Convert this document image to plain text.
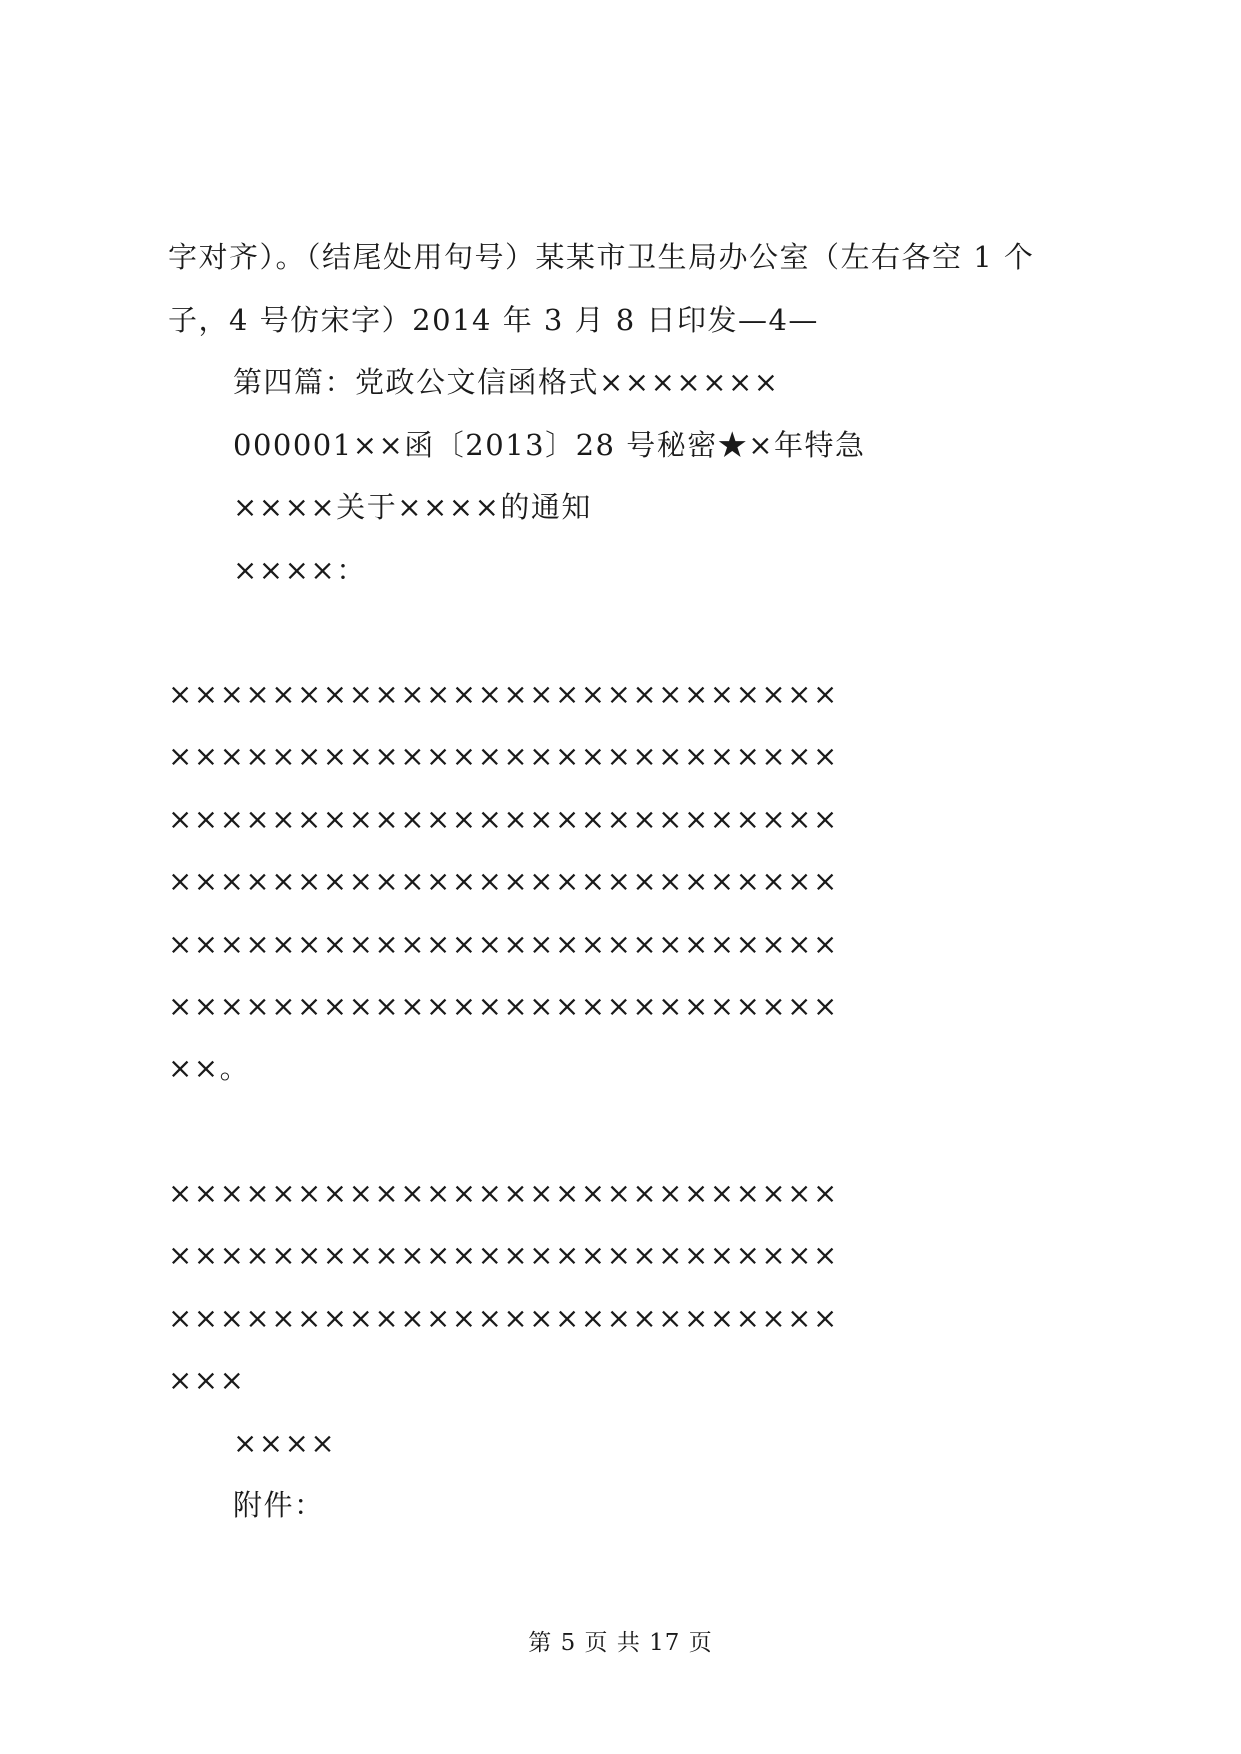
字对齐）。（结尾处用句号）某某市卫生局办公室（左右各空 1 个
子，4 号仿宋字）2014 年 3 月 8 日印发—4—
第四篇：党政公文信函格式×××××××
000001××函〔2013〕28 号秘密★×年特急
××××关于××××的通知
××××：
××××××××××××××××××××××××××
××××××××××××××××××××××××××
××××××××××××××××××××××××××
××××××××××××××××××××××××××
××××××××××××××××××××××××××
××××××××××××××××××××××××××
××。
××××××××××××××××××××××××××
××××××××××××××××××××××××××
××××××××××××××××××××××××××
×××
××××
附件：
第 5 页 共 17 页
